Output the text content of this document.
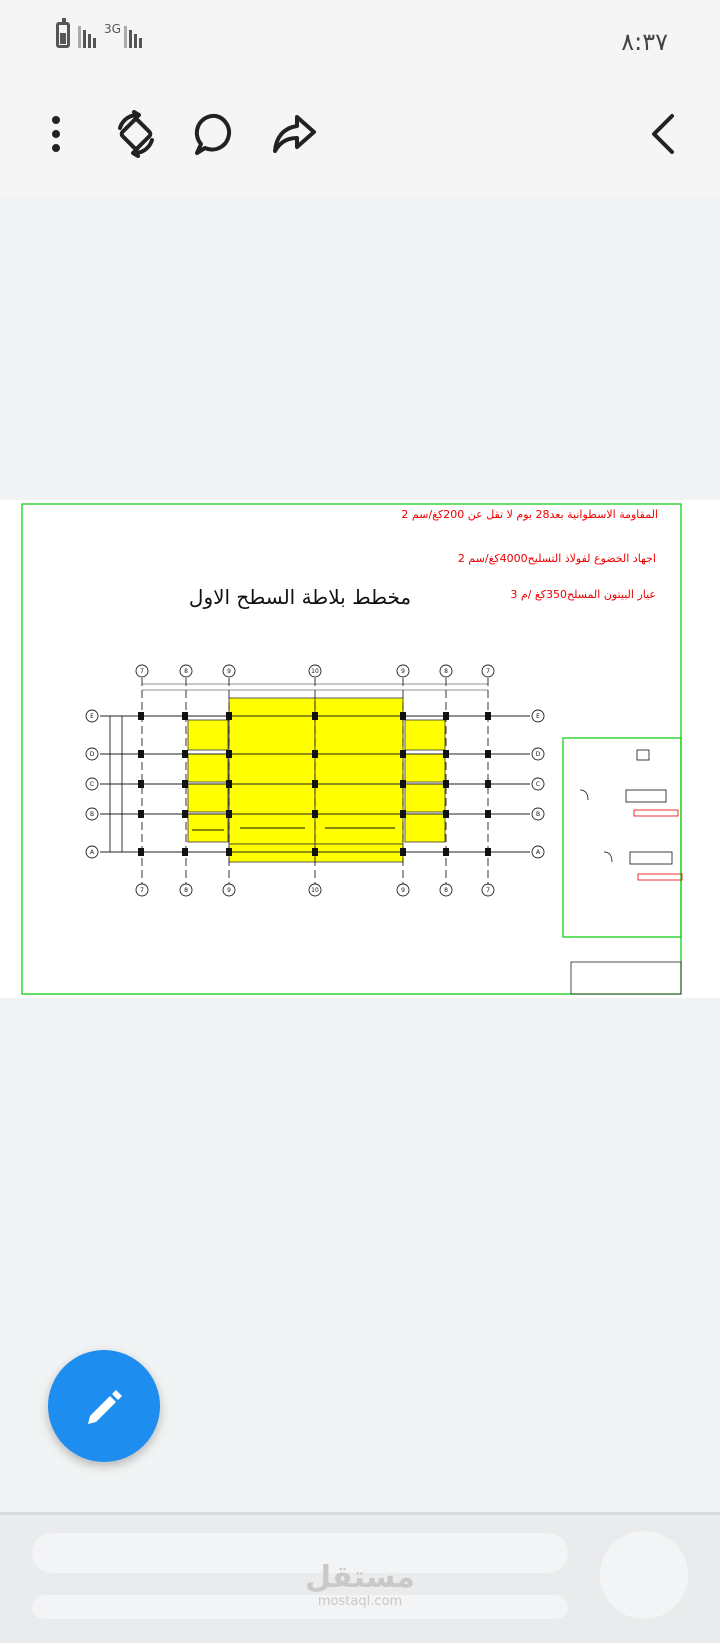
3G	٨:٣٧
المقاومة الاسطوانية بعد28 يوم لا تقل عن 200كغ/سم 2
اجهاد الخضوع لفولاذ التسليح4000كغ/سم 2
عيار البيتون المسلح350كغ /م 3
مخطط بلاطة السطح الاول
7	8	9	10	9	8	7
7	8	9	10	9	8	7
E
D
C
B
A
E
D
C
B
A
مستقل
mostaql.com
